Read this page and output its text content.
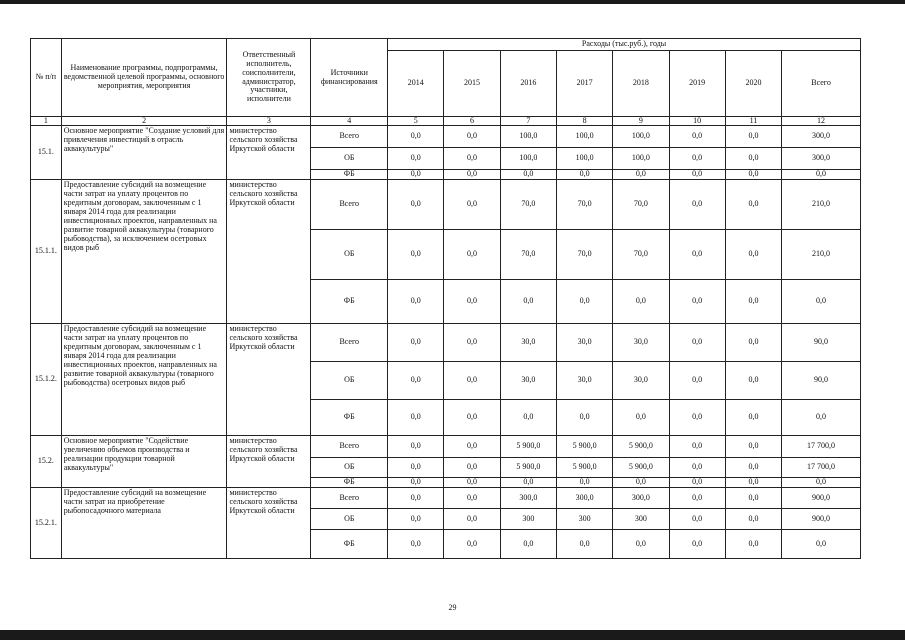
№ п/п	Наименование программы, подпрограммы, ведомственной целевой программы, основного мероприятия, мероприятия	Ответственный исполнитель, соисполнители, администратор, участники, исполнители	Источники финансирования	Расходы (тыс.руб.), годы							
				2014	2015	2016	2017	2018	2019	2020	Всего
1	2	3	4	5	6	7	8	9	10	11	12
15.1.	Основное мероприятие "Создание условий для привлечения инвестиций в отрасль аквакультуры"	министерство сельского хозяйства Иркутской области	Всего	0,0	0,0	100,0	100,0	100,0	0,0	0,0	300,0
			ОБ	0,0	0,0	100,0	100,0	100,0	0,0	0,0	300,0
			ФБ	0,0	0,0	0,0	0,0	0,0	0,0	0,0	0,0
15.1.1.	Предоставление субсидий на возмещение части затрат на уплату процентов по кредитным договорам, заключенным с 1 января 2014 года для реализации инвестиционных проектов, направленных на развитие товарной аквакультуры (товарного рыбоводства), за исключением осетровых видов рыб	министерство сельского хозяйства Иркутской области	Всего	0,0	0,0	70,0	70,0	70,0	0,0	0,0	210,0
			ОБ	0,0	0,0	70,0	70,0	70,0	0,0	0,0	210,0
			ФБ	0,0	0,0	0,0	0,0	0,0	0,0	0,0	0,0
15.1.2.	Предоставление субсидий на возмещение части затрат на уплату процентов по кредитным договорам, заключенным с 1 января 2014 года для реализации инвестиционных проектов, направленных на развитие товарной аквакультуры (товарного рыбоводства) осетровых видов рыб	министерство сельского хозяйства Иркутской области	Всего	0,0	0,0	30,0	30,0	30,0	0,0	0,0	90,0
			ОБ	0,0	0,0	30,0	30,0	30,0	0,0	0,0	90,0
			ФБ	0,0	0,0	0,0	0,0	0,0	0,0	0,0	0,0
15.2.	Основное мероприятие "Содействие увеличению объемов производства и реализации продукции товарной аквакультуры"	министерство сельского хозяйства Иркутской области	Всего	0,0	0,0	5 900,0	5 900,0	5 900,0	0,0	0,0	17 700,0
			ОБ	0,0	0,0	5 900,0	5 900,0	5 900,0	0,0	0,0	17 700,0
			ФБ	0,0	0,0	0,0	0,0	0,0	0,0	0,0	0,0
15.2.1.	Предоставление субсидий на возмещение части затрат на приобретение рыбопосадочного материала	министерство сельского хозяйства Иркутской области	Всего	0,0	0,0	300,0	300,0	300,0	0,0	0,0	900,0
			ОБ	0,0	0,0	300	300	300	0,0	0,0	900,0
			ФБ	0,0	0,0	0,0	0,0	0,0	0,0	0,0	0,0
29
